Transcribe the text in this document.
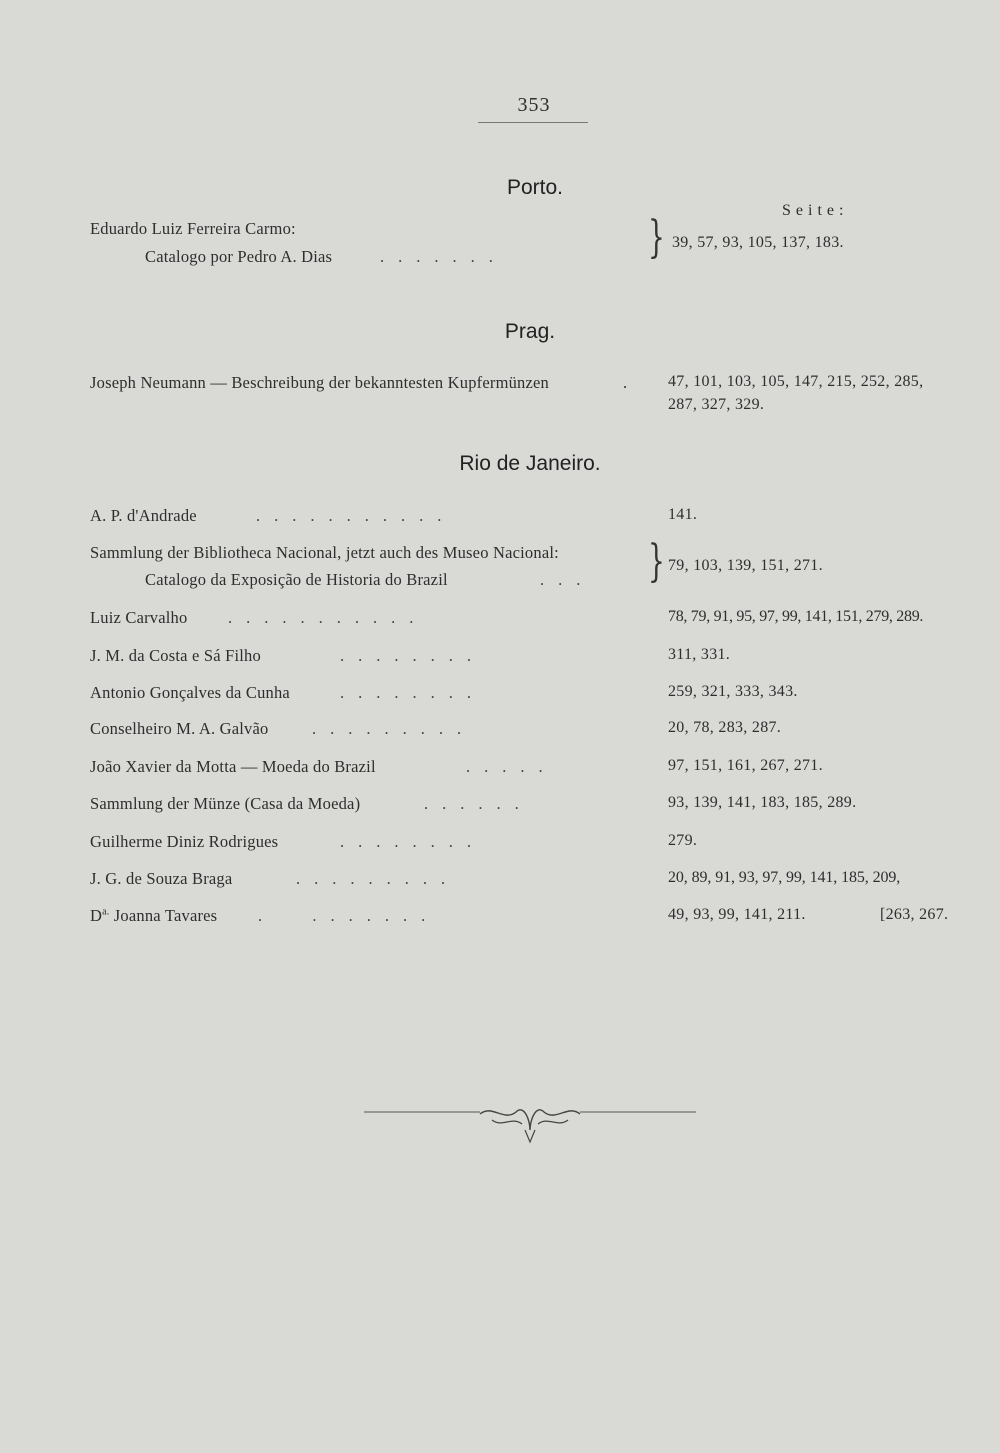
353
Porto.
Seite:
Eduardo Luiz Ferreira Carmo:
Catalogo por Pedro A. Dias	.......	} 39, 57, 93, 105, 137, 183.
Prag.
Joseph Neumann — Beschreibung der bekanntesten Kupfermünzen	.	47, 101, 103, 105, 147, 215, 252, 285,
287, 327, 329.
Rio de Janeiro.
A. P. d'Andrade	...........	141.
Sammlung der Bibliotheca Nacional, jetzt auch des Museo Nacional:
Catalogo da Exposição de Historia do Brazil	... } 79, 103, 139, 151, 271.
Luiz Carvalho ...........	78, 79, 91, 95, 97, 99, 141, 151, 279, 289.
J. M. da Costa e Sá Filho	........	311, 331.
Antonio Gonçalves da Cunha	........	259, 321, 333, 343.
Conselheiro M. A. Galvão	.........	20, 78, 283, 287.
João Xavier da Motta — Moeda do Brazil	.....	97, 151, 161, 267, 271.
Sammlung der Münze (Casa da Moeda)	......	93, 139, 141, 183, 185, 289.
Guilherme Diniz Rodrigues	........	279.
J. G. de Souza Braga	.........	20, 89, 91, 93, 97, 99, 141, 185, 209,
$D^{a.}$ Joanna Tavares .  .......	49, 93, 99, 141, 211.	[263, 267.
